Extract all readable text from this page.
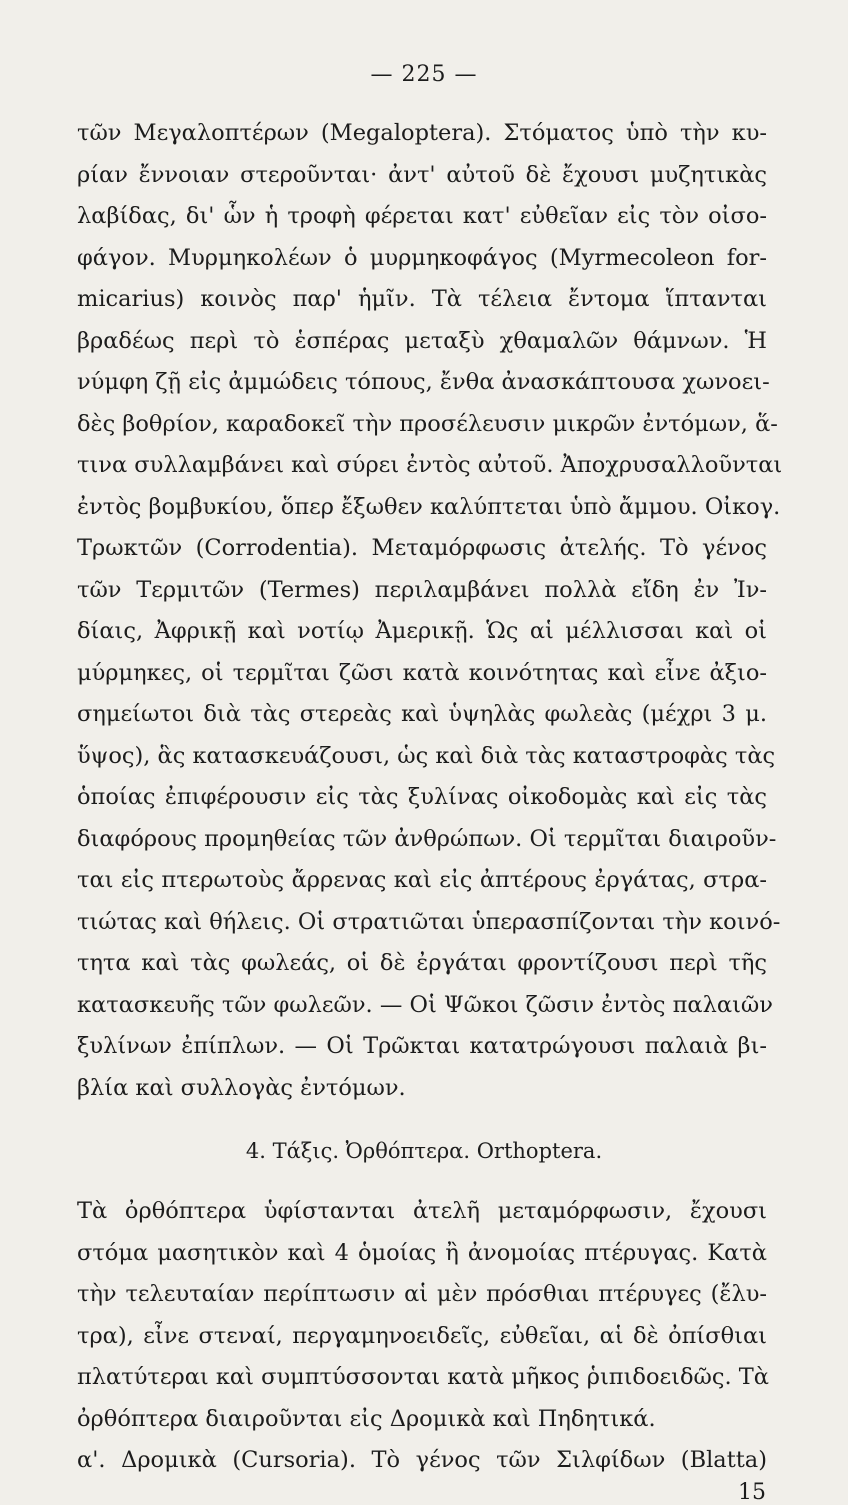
— 225 —
τῶν Μεγαλοπτέρων (Megaloptera). Στόματος ὑπὸ τὴν κυ-
ρίαν ἔννοιαν στεροῦνται· ἀντ' αὐτοῦ δὲ ἔχουσι μυζητικὰς
λαβίδας, δι' ὧν ἡ τροφὴ φέρεται κατ' εὐθεῖαν εἰς τὸν οἰσο-
φάγον. Μυρμηκολέων ὁ μυρμηκοφάγος (Myrmecoleon for-
micarius) κοινὸς παρ' ἡμῖν. Τὰ τέλεια ἔντομα ἵπτανται
βραδέως περὶ τὸ ἑσπέρας μεταξὺ χθαμαλῶν θάμνων. Ἡ
νύμφη ζῇ εἰς ἀμμώδεις τόπους, ἔνθα ἀνασκάπτουσα χωνοει-
δὲς βοθρίον, καραδοκεῖ τὴν προσέλευσιν μικρῶν ἐντόμων, ἅ-
τινα συλλαμβάνει καὶ σύρει ἐντὸς αὐτοῦ. Ἀποχρυσαλλοῦνται
ἐντὸς βομβυκίου, ὅπερ ἔξωθεν καλύπτεται ὑπὸ ἄμμου. Οἰκογ.
Τρωκτῶν (Corrodentia). Μεταμόρφωσις ἀτελής. Τὸ γένος
τῶν Τερμιτῶν (Termes) περιλαμβάνει πολλὰ εἴδη ἐν Ἰν-
δίαις, Ἀφρικῇ καὶ νοτίῳ Ἀμερικῇ. Ὡς αἱ μέλλισσαι καὶ οἱ
μύρμηκες, οἱ τερμῖται ζῶσι κατὰ κοινότητας καὶ εἶνε ἀξιο-
σημείωτοι διὰ τὰς στερεὰς καὶ ὑψηλὰς φωλεὰς (μέχρι 3 μ.
ὕψος), ἃς κατασκευάζουσι, ὡς καὶ διὰ τὰς καταστροφὰς τὰς
ὁποίας ἐπιφέρουσιν εἰς τὰς ξυλίνας οἰκοδομὰς καὶ εἰς τὰς
διαφόρους προμηθείας τῶν ἀνθρώπων. Οἱ τερμῖται διαιροῦν-
ται εἰς πτερωτοὺς ἄρρενας καὶ εἰς ἀπτέρους ἐργάτας, στρα-
τιώτας καὶ θήλεις. Οἱ στρατιῶται ὑπερασπίζονται τὴν κοινό-
τητα καὶ τὰς φωλεάς, οἱ δὲ ἐργάται φροντίζουσι περὶ τῆς
κατασκευῆς τῶν φωλεῶν. — Οἱ Ψῶκοι ζῶσιν ἐντὸς παλαιῶν
ξυλίνων ἐπίπλων. — Οἱ Τρῶκται κατατρώγουσι παλαιὰ βι-
βλία καὶ συλλογὰς ἐντόμων.
4. Τάξις. Ὀρθόπτερα. Orthoptera.
Τὰ ὀρθόπτερα ὑφίστανται ἀτελῆ μεταμόρφωσιν, ἔχουσι
στόμα μασητικὸν καὶ 4 ὁμοίας ἢ ἀνομοίας πτέρυγας. Κατὰ
τὴν τελευταίαν περίπτωσιν αἱ μὲν πρόσθιαι πτέρυγες (ἔλυ-
τρα), εἶνε στεναί, περγαμηνοειδεῖς, εὐθεῖαι, αἱ δὲ ὀπίσθιαι
πλατύτεραι καὶ συμπτύσσονται κατὰ μῆκος ῥιπιδοειδῶς. Τὰ
ὀρθόπτερα διαιροῦνται εἰς Δρομικὰ καὶ Πηδητικά.
α'. Δρομικὰ (Cursoria). Τὸ γένος τῶν Σιλφίδων (Blatta)
15
